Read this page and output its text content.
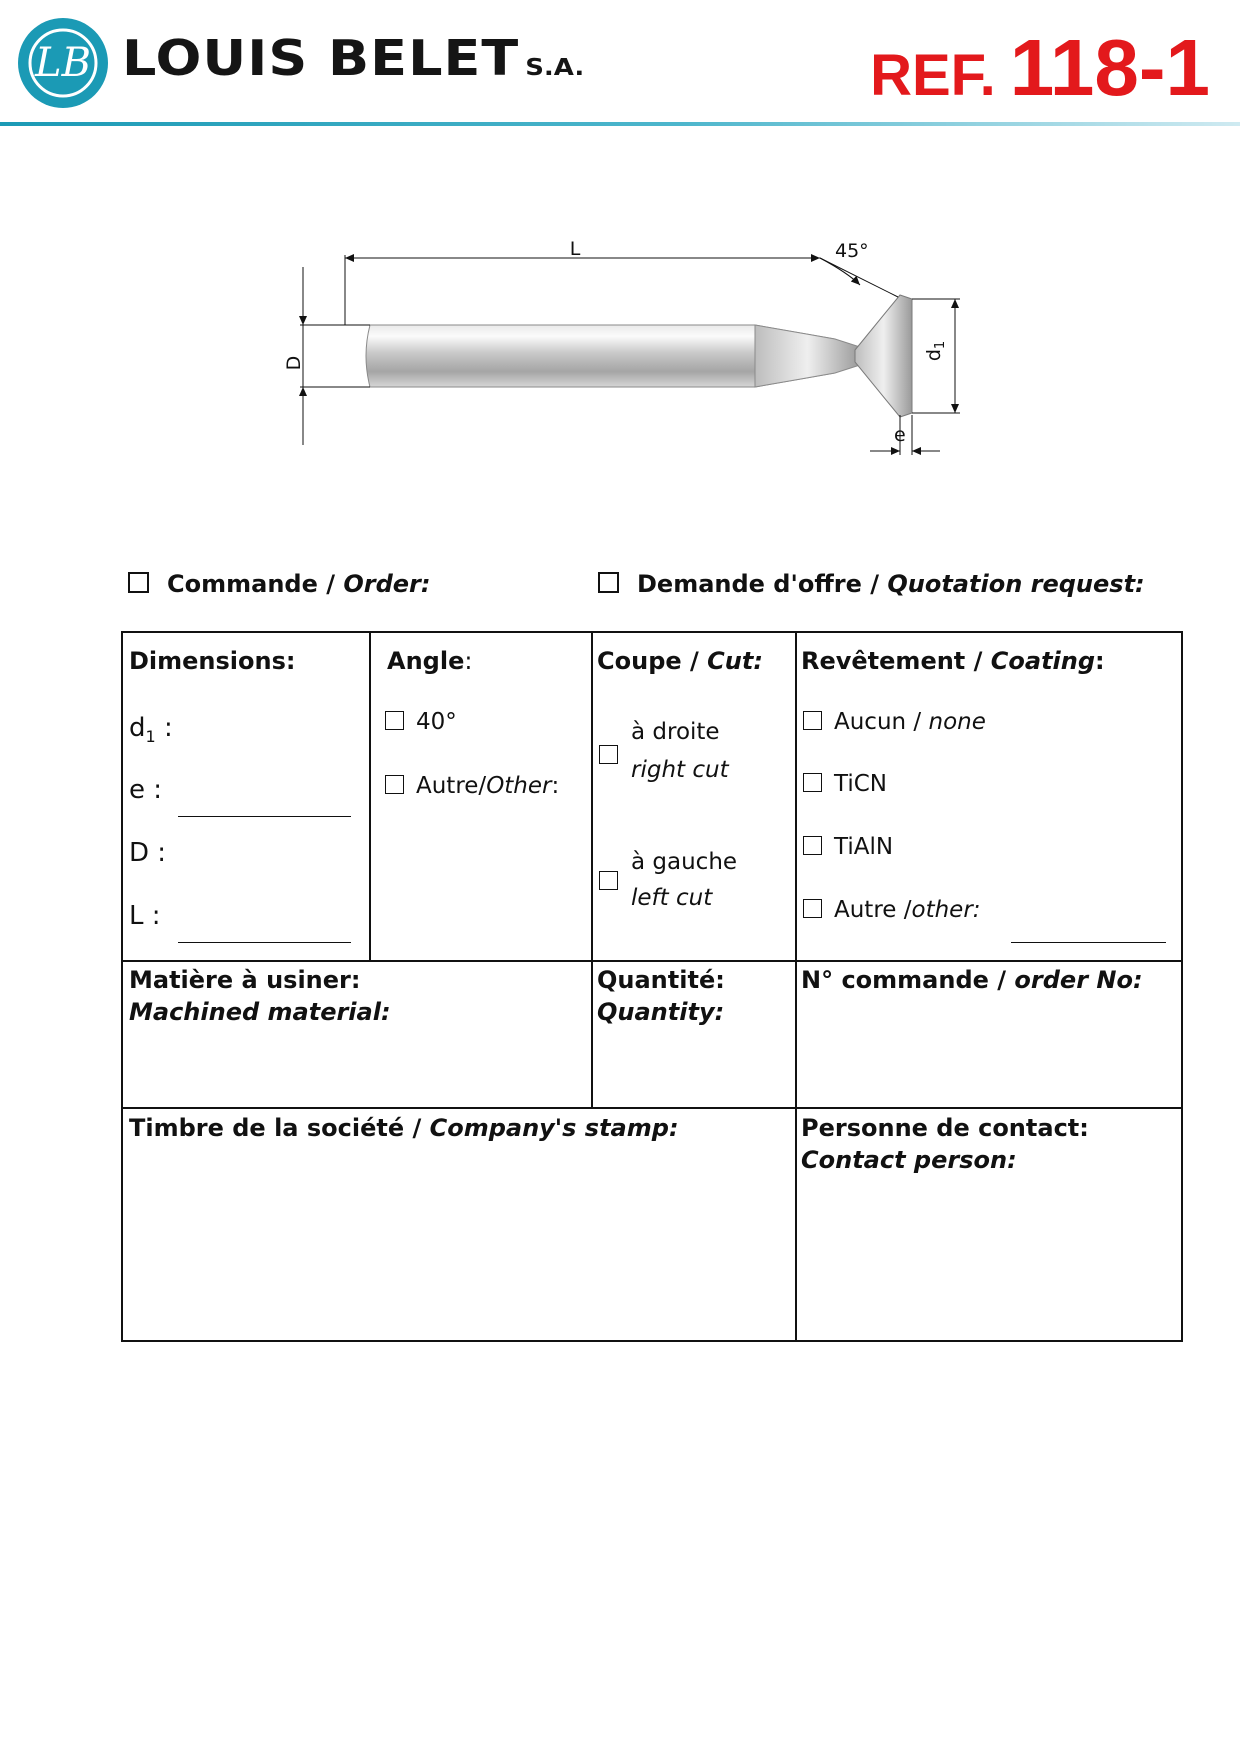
LB LOUIS BELET S.A.	REF. 118-1
L
D
45°
$d_1$
e
Commande / Order:	Demande d'offre / Quotation request:
Dimensions:
$d_1$ :
e :
D :
L :
Angle:
40°
Autre/Other:
Coupe / Cut:
à droite
right cut
à gauche
left cut
Revêtement / Coating:
Aucun / none
TiCN
TiAlN
Autre /other:
Matière à usiner:
Machined material:
Quantité:
Quantity:
N° commande / order No:
Timbre de la société / Company's stamp:	Personne de contact:
Contact person:
